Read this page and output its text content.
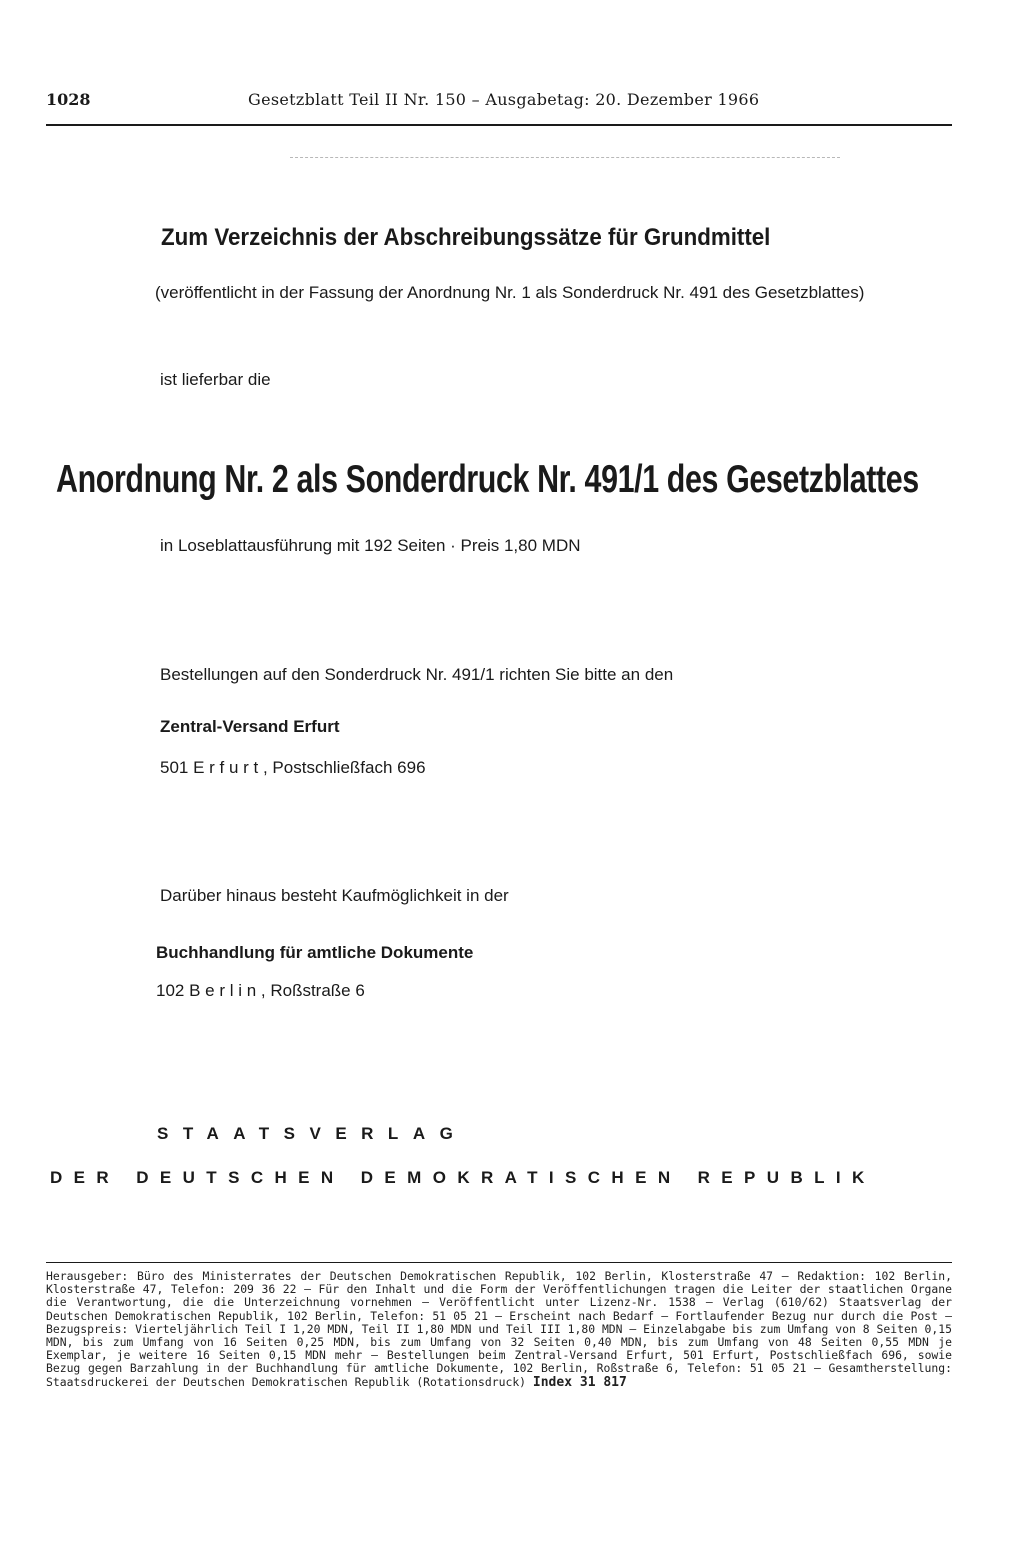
1028	Gesetzblatt Teil II Nr. 150 – Ausgabetag: 20. Dezember 1966
Zum Verzeichnis der Abschreibungssätze für Grundmittel
(veröffentlicht in der Fassung der Anordnung Nr. 1 als Sonderdruck Nr. 491 des Gesetzblattes)
ist lieferbar die
Anordnung Nr. 2 als Sonderdruck Nr. 491/1 des Gesetzblattes
in Loseblattausführung mit 192 Seiten · Preis 1,80 MDN
Bestellungen auf den Sonderdruck Nr. 491/1 richten Sie bitte an den
Zentral-Versand Erfurt
501 E r f u r t , Postschließfach 696
Darüber hinaus besteht Kaufmöglichkeit in der
Buchhandlung für amtliche Dokumente
102 B e r l i n , Roßstraße 6
STAATSVERLAG
DER DEUTSCHEN DEMOKRATISCHEN REPUBLIK
Herausgeber: Büro des Ministerrates der Deutschen Demokratischen Republik, 102 Berlin, Klosterstraße 47 – Redaktion: 102 Berlin, Klosterstraße 47, Telefon: 209 36 22 – Für den Inhalt und die Form der Veröffentlichungen tragen die Leiter der staatlichen Organe die Verantwortung, die die Unterzeichnung vornehmen – Veröffentlicht unter Lizenz-Nr. 1538 – Verlag (610/62) Staatsverlag der Deutschen Demokratischen Republik, 102 Berlin, Telefon: 51 05 21 – Erscheint nach Bedarf – Fortlaufender Bezug nur durch die Post – Bezugspreis: Vierteljährlich Teil I 1,20 MDN, Teil II 1,80 MDN und Teil III 1,80 MDN – Einzelabgabe bis zum Umfang von 8 Seiten 0,15 MDN, bis zum Umfang von 16 Seiten 0,25 MDN, bis zum Umfang von 32 Seiten 0,40 MDN, bis zum Umfang von 48 Seiten 0,55 MDN je Exemplar, je weitere 16 Seiten 0,15 MDN mehr – Bestellungen beim Zentral-Versand Erfurt, 501 Erfurt, Postschließfach 696, sowie Bezug gegen Barzahlung in der Buchhandlung für amtliche Dokumente, 102 Berlin, Roßstraße 6, Telefon: 51 05 21 – Gesamtherstellung: Staatsdruckerei der Deutschen Demokratischen Republik (Rotationsdruck) Index 31 817
